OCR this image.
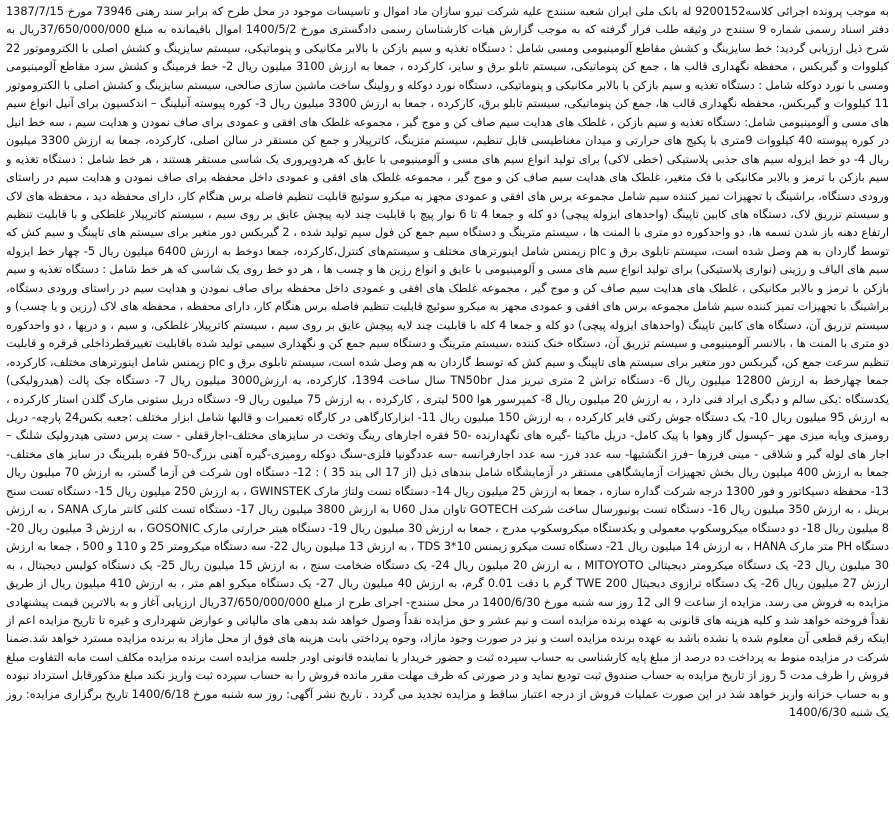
به موجب پرونده اجرائی کلاسه9200152 له بانک ملی ایران شعبه سنندج علیه شرکت نیرو سازان ماد اموال و تاسیسات موجود در محل طرح که برابر سند رهنی 73946 مورخ 1387/7/15 دفتر اسناد رسمی شماره 9 سنندج در وثیقه طلب فرار گرفته که به موجب گزارش هیات کارشناسان رسمی دادگستری مورخ 1400/5/2 اموال باقیمانده به مبلغ 37/650/000/000ریال به شرح ذیل ارزیابی گردید: خط سایزینگ و کشش مقاطع آلومینیومی ومسی شامل : دستگاه تغذیه و سیم بازکن با بالابر مکانیکی و پنوماتیکی، سیستم سایزینگ و کشش اصلی با الکتروموتور 22 کیلووات و گیربکس ، محفظه نگهداری قالب ها ، جمع کن پنوماتیکی، سیستم تابلو برق و سایر، کارکرده ، جمعا به ارزش 3100 میلیون ریال 2- خط فرمینگ و کشش سرد مقاطع آلومینیومی ومسی با نورد دوکله شامل : دستگاه تغذیه و سیم بازکن با بالابر مکانیکی و پنوماتیکی، دستگاه نورد دوکله و رولینگ ساخت ماشین سازی صالحی، سیستم سایزینگ و کشش اصلی با الکتروموتور 11 کیلووات و گیربکس، محفظه نگهداری قالب ها، جمع کن پنوماتیکی، سیستم تابلو برق، کارکرده ، جمعا به ارزش 3300 میلیون ریال 3- کوره پیوسته آنیلینگ – اندکسیون برای آنیل انواع سیم های مسی و آلومینیومی شامل: دستگاه تغذیه و سیم بازکن ، غلطک های هدایت سیم صاف کن و موج گیر ، مجموعه غلطک های افقی و عمودی برای صاف نمودن و هدایت سیم ، سه خط انیل در کوره پیوسته 40 کیلووات 9متری با پکیج های حرارتی و میدان مغناطیسی قابل تنظیم، سیستم متزینگ، کاترپیلار و جمع کن مستقر در سالن اصلی، کارکرده، جمعا به ارزش 3300 میلیون ریال 4- دو خط ایزوله سیم های جذبی پلاستیکی (خطی لاکی) برای تولید انواع سیم های مسی و آلومینیومی با عایق که هردوپروری یک شاسی مستقر هستند ، هر خط شامل : دستگاه تغذیه و سیم بازکن با ترمز و بالابر مکانیکی با فک متغیر، غلطک های هدایت سیم صاف کن و موج گیر ، مجموعه غلطک های افقی و عمودی داخل محفظه برای صاف نمودن و هدایت سیم در راستای ورودی دستگاه، براشینگ با تجهیزات تمیز کننده سیم شامل مجموعه برس های افقی و عمودی مجهز به میکرو سوئیچ قابلیت تنظیم فاصله برس هنگام کار، دارای محفظه دید ، محفظه های لاک و سیستم تزریق لاک، دستگاه های کابین تاپینگ (واحدهای ایزوله پیچی) دو کله و جمعا 4 تا 6 نوار پیچ با قابلیت چند لایه پیچش عایق بر روی سیم ، سیستم کاترپیلار غلطکی و با قابلیت تنظیم ارتفاع دهنه باز شدن تسمه ها، دو واحدکوره دو متری با المنت ها ، سیستم مترینگ و دستگاه سیم جمع کن فول سیم تولید شده ، 2 گیربکس دور متغیر برای سیستم های تاپینگ و سیم کش که توسط گاردان به هم وصل شده است، سیستم تابلوی برق و plc زیمنس شامل اینورترهای مختلف و سیستم‌های کنترل،کارکرده، جمعا دوخط به ارزش 6400 میلیون ریال 5- چهار خط ایزوله سیم های الیاف و رزینی (نواری پلاستیکی) برای تولید انواع سیم های مسی و آلومینیومی با عایق و انواع رزین ها و چسب ها ، هر دو خط روی یک شاسی که هر خط شامل : دستگاه تغذیه و سیم بازکن با ترمز و بالابر مکانیکی ، غلطک های هدایت سیم صاف کن و موج گیر ، مجموعه غلطک های افقی و عمودی داخل محفظه برای صاف نمودن و هدایت سیم در راستای ورودی دستگاه، براشینگ با تجهیزات تمیز کننده سیم شامل مجموعه برس های افقی و عمودی مجهز به میکرو سوئیچ قابلیت تنظیم فاصله برس هنگام کار، دارای محفظه ، محفظه های لاک (رزین و یا چسب) و سیستم تزریق آن، دستگاه های کابین تاپینگ (واحدهای ایزوله پیچی) دو کله و جمعا 4 کله با قابلیت چند لایه پیچش عایق بر روی سیم ، سیستم کاترپیلار غلطکی، و سیم ، و درپها ، دو واحدکوره دو متری با المنت ها ، بالانسر آلومینیومی و سیستم تزریق آن، دستگاه خنک کننده ،سیستم مترینگ و دستگاه سیم جمع کن و نگهداری سیمی تولید شده باقابلیت تغییرقطرداخلی قرقره و قابلیت تنظیم سرعت جمع کن، گیربکس دور متغیر برای سیستم های تاپینگ و سیم کش که توسط گاردان به هم وصل شده است، سیستم تابلوی برق و plc زیمنس شامل اینورترهای مختلف، کارکرده، جمعا چهارخط به ارزش 12800 میلیون ریال 6- دستگاه تراش 2 متری تبریز مدل TN50br سال ساخت 1394، کارکرده، به ارزش3000 میلیون ریال 7- دستگاه جک پالت (هیدرولیکی) یکدستگاه :یکی سالم و دیگری ایراد فنی دارد ، به ارزش 20 میلیون ریال 8- کمپرسور هوا 500 لیتری ، کارکرده ، به ارزش 75 میلیون ریال 9- دستگاه دریل ستونی مارک گلدن استار کارکرده ، به ارزش 95 میلیون ریال 10- یک دستگاه جوش رکتی فایر کارکرده ، به ارزش 150 میلیون ریال 11- ابزارکارگاهی در کارگاه تعمیرات و قالبها شامل ابزار مختلف :جعبه بکس24 پارچه- دریل رومیزی وپایه میزی مهر –کپسول گاز وهوا با پیک کامل- دریل ماکیتا -گیره های نگهدارنده -50 فقره اجارهای رینگ وتخت در سایزهای مختلف-اجارقفلی - ست پرس دستی هیدرولیک شلنگ – اجار های لوله گیر و شلاقی - مینی فرزها –فرز انگشتیها- سه عدد فرز- سه عدد اجارفرانسه -سه عددگونیا فلزی-سنگ دوکله رومیزی-گیره آهنی بزرگ-50 فقره بلبرینگ در سایز های مختلف- جمعا به ارزش 400 میلیون ریال بخش تجهیزات آزمایشگاهی مستقر در آزمایشگاه شامل بندهای ذیل (از 17 الی بند 35 ) : 12- دستگاه اون شرکت فن آزما گستر، به ارزش 70 میلیون ریال 13- محفظه دسیکاتور و فور 1300 درجه شرکت گداره سازه ، جمعا به ارزش 25 میلیون ریال 14- دستگاه تست ولتاژ مارک GWINSTEK ، به ارزش 250 میلیون ریال 15- دستگاه تست سنج برینل ، به ارزش 350 میلیون ریال 16- دستگاه تست یونیورسال ساخت شرکت GOTECH تاوان مدل U60 به ارزش 3800 میلیون ریال 17- دستگاه تست کلتی کانتر مارک SANA ، به ارزش 8 میلیون ریال 18- دو دستگاه میکروسکوپ معمولی و یکدستگاه میکروسکوپ مدرج ، جمعا به ارزش 30 میلیون ریال 19- دستگاه هیتر حرارتی مارک GOSONIC ، به ارزش 3 میلیون ریال 20- دستگاه PH متر مارک HANA ، به ارزش 14 میلیون ریال 21- دستگاه تست میکرو زیمنس 10*3 TDS ، به ارزش 13 میلیون ریال 22- سه دستگاه میکرومتر 25 و 110 و 500 ، جمعا به ارزش 30 میلیون ریال 23- یک دستگاه میکرومتر دیجیتالی MITOYOTO ، به ارزش 20 میلیون ریال 24- یک دستگاه ضخامت سنج ، به ارزش 15 میلیون ریال 25- یک دستگاه کولیس دیجیتال ، به ارزش 27 میلیون ریال 26- یک دستگاه ترازوی دیجیتال TWE 200 گرم با دقت 0.01 گرم، به ارزش 40 میلیون ریال 27- یک دستگاه میکرو اهم متر ، به ارزش 410 میلیون ریال از طریق مزایده به فروش می رسد. مزایده از ساعت 9 الی 12 روز سه شنبه مورخ 1400/6/30 در محل سنندج- اجرای طرح از مبلغ 37/650/000/000ریال ارزیابی آغاز و به بالاترین قیمت پیشنهادی نقداً فروخته خواهد شد و کلیه هزینه های قانونی به عهده برنده مزایده است و نیم عشر و حق مزایده نقداً وصول خواهد شد بدهی های مالیاتی و عوارض شهرداری و غیره تا تاریخ مزایده اعم از اینکه رقم قطعی آن معلوم شده یا نشده باشد به عهده برنده مزایده است و نیز در صورت وجود مازاد، وجوه پرداختی بابت هزینه های فوق از محل مازاد به برنده مزایده مسترد خواهد شد.ضمنا شرکت در مزایده منوط به پرداخت ده درصد از مبلغ پایه کارشناسی به حساب سپرده ثبت و حضور خریدار یا نماینده قانونی اودر جلسه مزایده است برنده مزایده مکلف است مابه التفاوت مبلغ فروش را ظرف مدت 5 روز از تاریخ مزایده به حساب صندوق ثبت تودیع نماید و در صورتی که ظرف مهلت مقرر مانده فروش را به حساب سپرده ثبت واریز نکند مبلغ مذکورقابل استرداد نبوده و به حساب خزانه واریز خواهد شد در این صورت عملیات فروش از درجه اعتبار ساقط و مزایده تجدید می گردد . تاریخ نشر آگهی: روز سه شنبه مورخ 1400/6/18 تاریخ برگزاری مزایده: روز یک شنبه 1400/6/30
